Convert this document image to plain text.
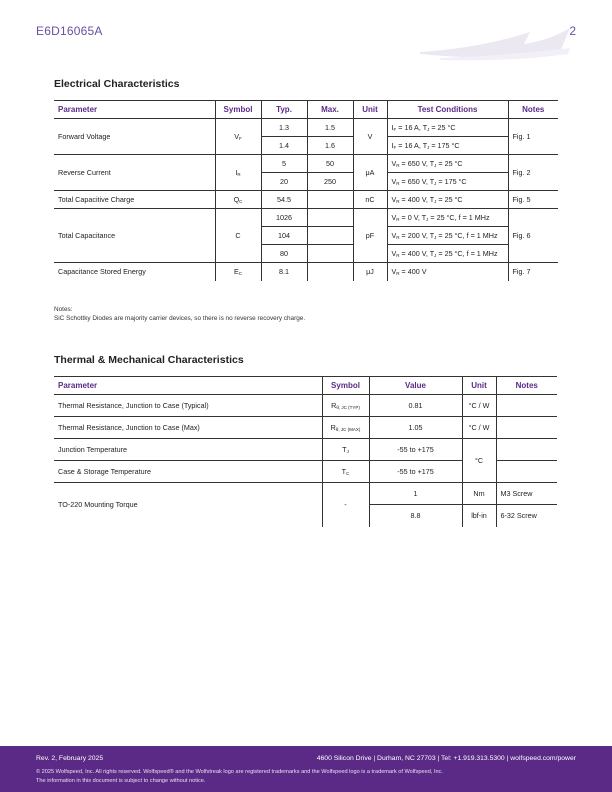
E6D16065A	2
Electrical Characteristics
Parameter	Symbol	Typ.	Max.	Unit	Test Conditions	Notes
Forward Voltage	$V_F$	1.3	1.5	V	$I_F = 16$ A, $T_J = 25$ °C	Fig. 1
		1.4	1.6		$I_F = 16$ A, $T_J = 175$ °C	
Reverse Current	$I_R$	5	50	μA	$V_R = 650$ V, $T_J = 25$ °C	Fig. 2
		20	250		$V_R = 650$ V, $T_J = 175$ °C	
Total Capacitive Charge	$Q_C$	54.5		nC	$V_R = 400$ V, $T_J = 25$ °C	Fig. 5
Total Capacitance	C	1026		pF	$V_R = 0$ V, $T_J = 25$ °C, f = 1 MHz	Fig. 6
		104			$V_R = 200$ V, $T_J = 25$ °C, f = 1 MHz	
		80			$V_R = 400$ V, $T_J = 25$ °C, f = 1 MHz	
Capacitance Stored Energy	$E_C$	8.1		μJ	$V_R = 400$ V	Fig. 7
Notes:
SiC Schottky Diodes are majority carrier devices, so there is no reverse recovery charge.
Thermal & Mechanical Characteristics
Parameter	Symbol	Value	Unit	Notes
Thermal Resistance, Junction to Case (Typical)	$R_{\theta, JC (TYP)}$	0.81	°C / W	
Thermal Resistance, Junction to Case (Max)	$R_{\theta, JC (MAX)}$	1.05	°C / W	
Junction Temperature	$T_J$	-55 to +175	°C	
Case & Storage Temperature	$T_C$	-55 to +175		
TO-220 Mounting Torque	-	1	Nm	M3 Screw
		8.8	lbf-in	6-32 Screw
Rev. 2, February 2025	4600 Silicon Drive | Durham, NC 27703 | Tel: +1.919.313.5300 | wolfspeed.com/power
© 2025 Wolfspeed, Inc. All rights reserved. Wolfspeed® and the Wolfstreak logo are registered trademarks and the Wolfspeed logo is a trademark of Wolfspeed, Inc.
The information in this document is subject to change without notice.
